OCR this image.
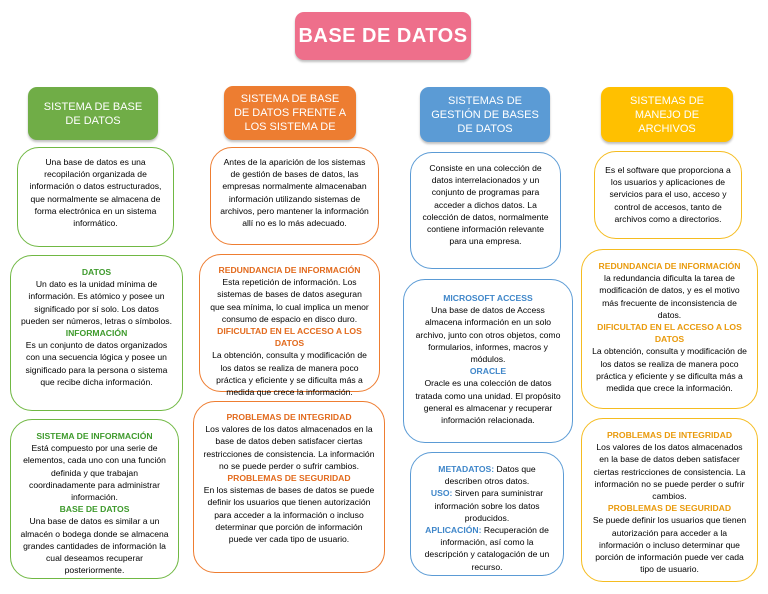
BASE DE DATOS
SISTEMA DE BASE DE DATOS

Una base de datos es una recopilación organizada de información o datos estructurados, que normalmente se almacena de forma electrónica en un sistema informático.

DATOS

Un dato es la unidad mínima de información. Es atómico y posee un significado por sí solo. Los datos pueden ser números, letras o símbolos.

INFORMACIÓN

Es un conjunto de datos organizados con una secuencia lógica y posee un significado para la persona o sistema que recibe dicha información.

SISTEMA DE INFORMACIÓN

Está compuesto por una serie de elementos, cada uno con una función definida y que trabajan coordinadamente para administrar información.

BASE DE DATOS

Una base de datos es similar a un almacén o bodega donde se almacena grandes cantidades de información la cual deseamos recuperar posteriormente.

SISTEMA DE BASE DE DATOS FRENTE A LOS SISTEMA DE

Antes de la aparición de los sistemas de gestión de bases de datos, las empresas normalmente almacenaban información utilizando sistemas de archivos, pero mantener la información allí no es lo más adecuado.

REDUNDANCIA DE INFORMACIÓN

Esta repetición de información. Los sistemas de bases de datos aseguran que sea mínima, lo cual implica un menor consumo de espacio en disco duro.

DIFICULTAD EN EL ACCESO A LOS DATOS

La obtención, consulta y modificación de los datos se realiza de manera poco práctica y eficiente y se dificulta más a medida que crece la información.

PROBLEMAS DE INTEGRIDAD

Los valores de los datos almacenados en la base de datos deben satisfacer ciertas restricciones de consistencia. La información no se puede perder o sufrir cambios.

PROBLEMAS DE SEGURIDAD

En los sistemas de bases de datos se puede definir los usuarios que tienen autorización para acceder a la información o incluso determinar que porción de información puede ver cada tipo de usuario.

SISTEMAS DE GESTIÓN DE BASES DE DATOS

Consiste en una colección de datos interrelacionados y un conjunto de programas para acceder a dichos datos. La colección de datos, normalmente contiene información relevante para una empresa.

MICROSOFT ACCESS

Una base de datos de Access almacena información en un solo archivo, junto con otros objetos, como formularios, informes, macros y módulos.

ORACLE

Oracle es una colección de datos tratada como una unidad. El propósito general es almacenar y recuperar información relacionada.

METADATOS: Datos que describen otros datos.

USO: Sirven para suministrar información sobre los datos producidos.

APLICACIÓN: Recuperación de información, así como la descripción y catalogación de un recurso.

SISTEMAS DE MANEJO DE ARCHIVOS

Es el software que proporciona a los usuarios y aplicaciones de servicios para el uso, acceso y control de accesos, tanto de archivos como a directorios.

REDUNDANCIA DE INFORMACIÓN

la redundancia dificulta la tarea de modificación de datos, y es el motivo más frecuente de inconsistencia de datos.

DIFICULTAD EN EL ACCESO A LOS DATOS

La obtención, consulta y modificación de los datos se realiza de manera poco práctica y eficiente y se dificulta más a medida que crece la información.

PROBLEMAS DE INTEGRIDAD

Los valores de los datos almacenados en la base de datos deben satisfacer ciertas restricciones de consistencia. La información no se puede perder o sufrir cambios.

PROBLEMAS DE SEGURIDAD

Se puede definir los usuarios que tienen autorización para acceder a la información o incluso determinar que porción de información puede ver cada tipo de usuario.
